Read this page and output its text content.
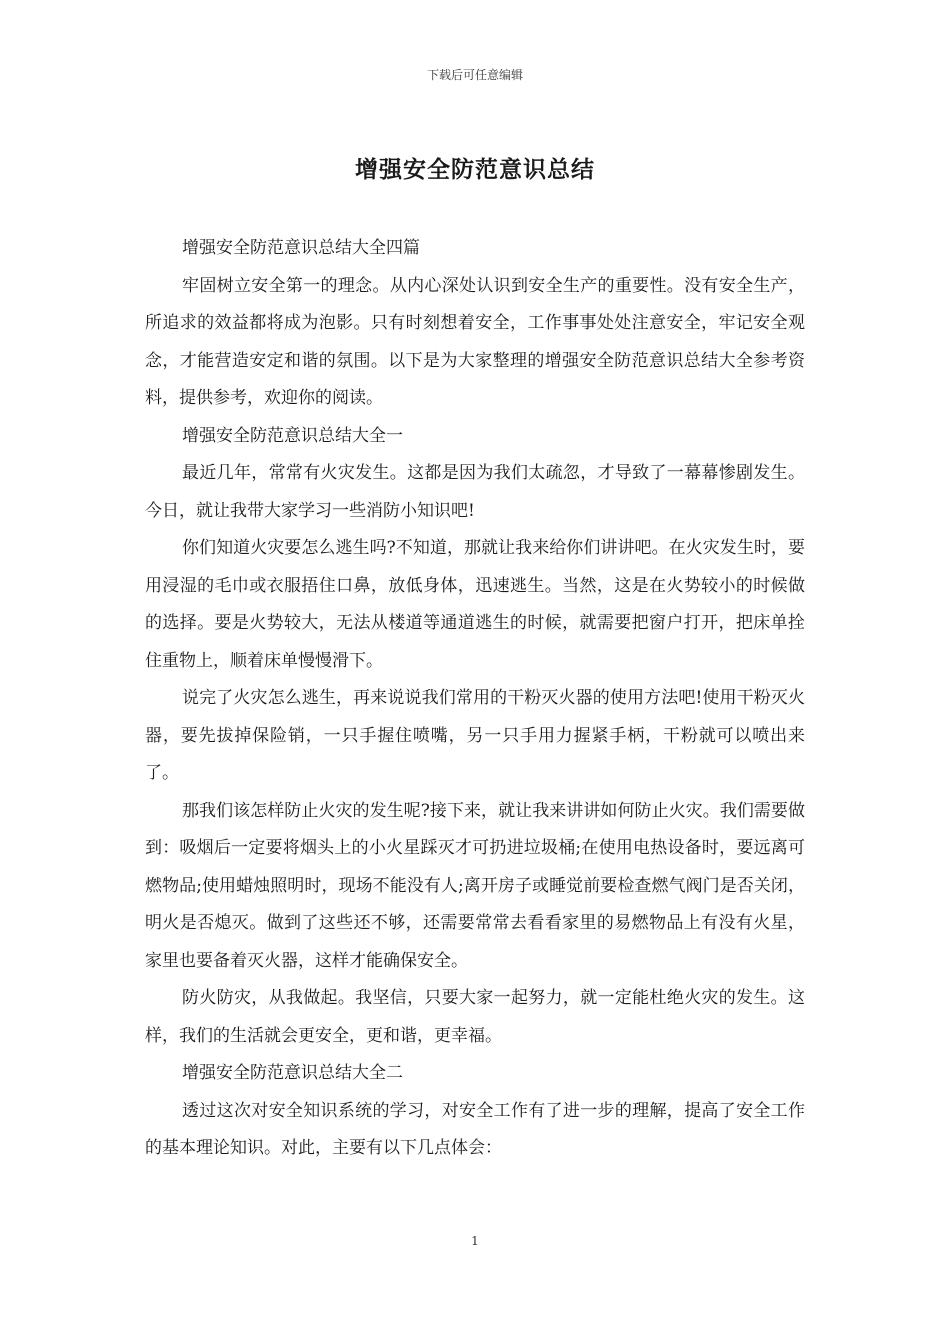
下载后可任意编辑
增强安全防范意识总结

增强安全防范意识总结大全四篇

牢固树立安全第一的理念。从内心深处认识到安全生产的重要性。没有安全生产，所追求的效益都将成为泡影。只有时刻想着安全，工作事事处处注意安全，牢记安全观念，才能营造安定和谐的氛围。以下是为大家整理的增强安全防范意识总结大全参考资料，提供参考，欢迎你的阅读。

增强安全防范意识总结大全一

最近几年，常常有火灾发生。这都是因为我们太疏忽，才导致了一幕幕惨剧发生。今日，就让我带大家学习一些消防小知识吧!

你们知道火灾要怎么逃生吗?不知道，那就让我来给你们讲讲吧。在火灾发生时，要用浸湿的毛巾或衣服捂住口鼻，放低身体，迅速逃生。当然，这是在火势较小的时候做的选择。要是火势较大，无法从楼道等通道逃生的时候，就需要把窗户打开，把床单拴住重物上，顺着床单慢慢滑下。

说完了火灾怎么逃生，再来说说我们常用的干粉灭火器的使用方法吧!使用干粉灭火器，要先拔掉保险销，一只手握住喷嘴，另一只手用力握紧手柄，干粉就可以喷出来了。

那我们该怎样防止火灾的发生呢?接下来，就让我来讲讲如何防止火灾。我们需要做到：吸烟后一定要将烟头上的小火星踩灭才可扔进垃圾桶;在使用电热设备时，要远离可燃物品;使用蜡烛照明时，现场不能没有人;离开房子或睡觉前要检查燃气阀门是否关闭，明火是否熄灭。做到了这些还不够，还需要常常去看看家里的易燃物品上有没有火星，家里也要备着灭火器，这样才能确保安全。

防火防灾，从我做起。我坚信，只要大家一起努力，就一定能杜绝火灾的发生。这样，我们的生活就会更安全，更和谐，更幸福。

增强安全防范意识总结大全二

透过这次对安全知识系统的学习，对安全工作有了进一步的理解，提高了安全工作的基本理论知识。对此，主要有以下几点体会：

1
